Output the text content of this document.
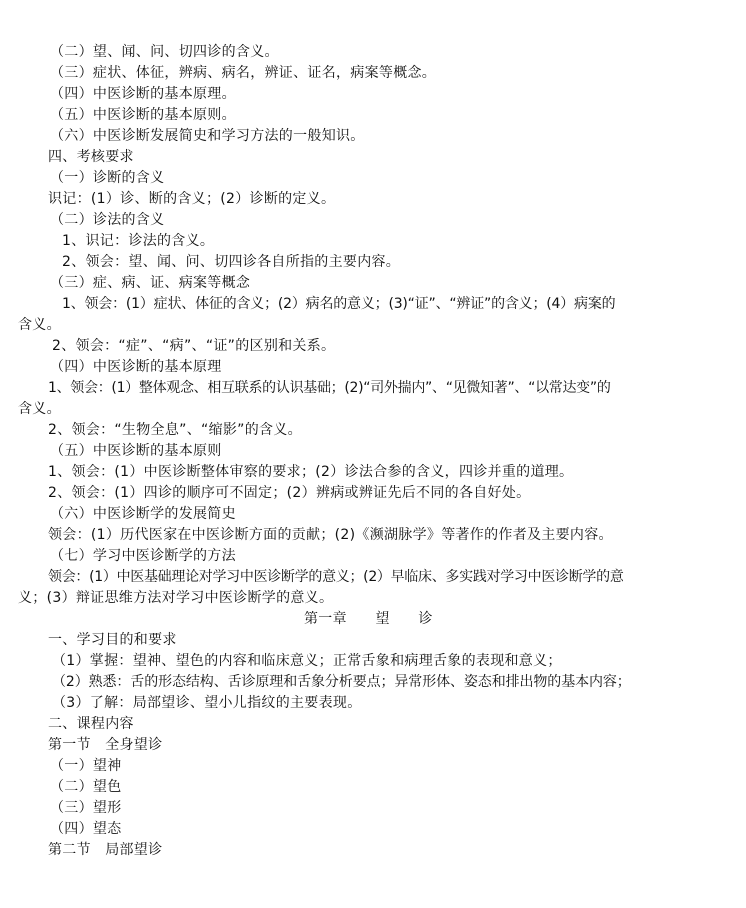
（二）望、闻、问、切四诊的含义。
（三）症状、体征，辨病、病名，辨证、证名，病案等概念。
（四）中医诊断的基本原理。
（五）中医诊断的基本原则。
（六）中医诊断发展简史和学习方法的一般知识。
四、考核要求
（一）诊断的含义
识记：(1）诊、断的含义；(2）诊断的定义。
（二）诊法的含义
1、识记：诊法的含义。
2、领会：望、闻、问、切四诊各自所指的主要内容。
（三）症、病、证、病案等概念
1、领会：(1）症状、体征的含义；(2）病名的意义；(3)“证”、“辨证”的含义；(4）病案的
含义。
2、领会：“症”、“病”、“证”的区别和关系。
（四）中医诊断的基本原理
1、领会：(1）整体观念、相互联系的认识基础；(2)“司外揣内”、“见微知著”、“以常达变”的
含义。
2、领会：“生物全息”、“缩影”的含义。
（五）中医诊断的基本原则
1、领会：(1）中医诊断整体审察的要求；(2）诊法合参的含义，四诊并重的道理。
2、领会：(1）四诊的顺序可不固定；(2）辨病或辨证先后不同的各自好处。
（六）中医诊断学的发展简史
领会：(1）历代医家在中医诊断方面的贡献；(2)《濒湖脉学》等著作的作者及主要内容。
（七）学习中医诊断学的方法
领会：(1）中医基础理论对学习中医诊断学的意义；(2）早临床、多实践对学习中医诊断学的意
义；(3）辩证思维方法对学习中医诊断学的意义。
第一章　　望　　诊
一、学习目的和要求
（1）掌握：望神、望色的内容和临床意义；正常舌象和病理舌象的表现和意义；
（2）熟悉：舌的形态结构、舌诊原理和舌象分析要点；异常形体、姿态和排出物的基本内容；
（3）了解：局部望诊、望小儿指纹的主要表现。
二、课程内容
第一节　全身望诊
（一）望神
（二）望色
（三）望形
（四）望态
第二节　局部望诊
